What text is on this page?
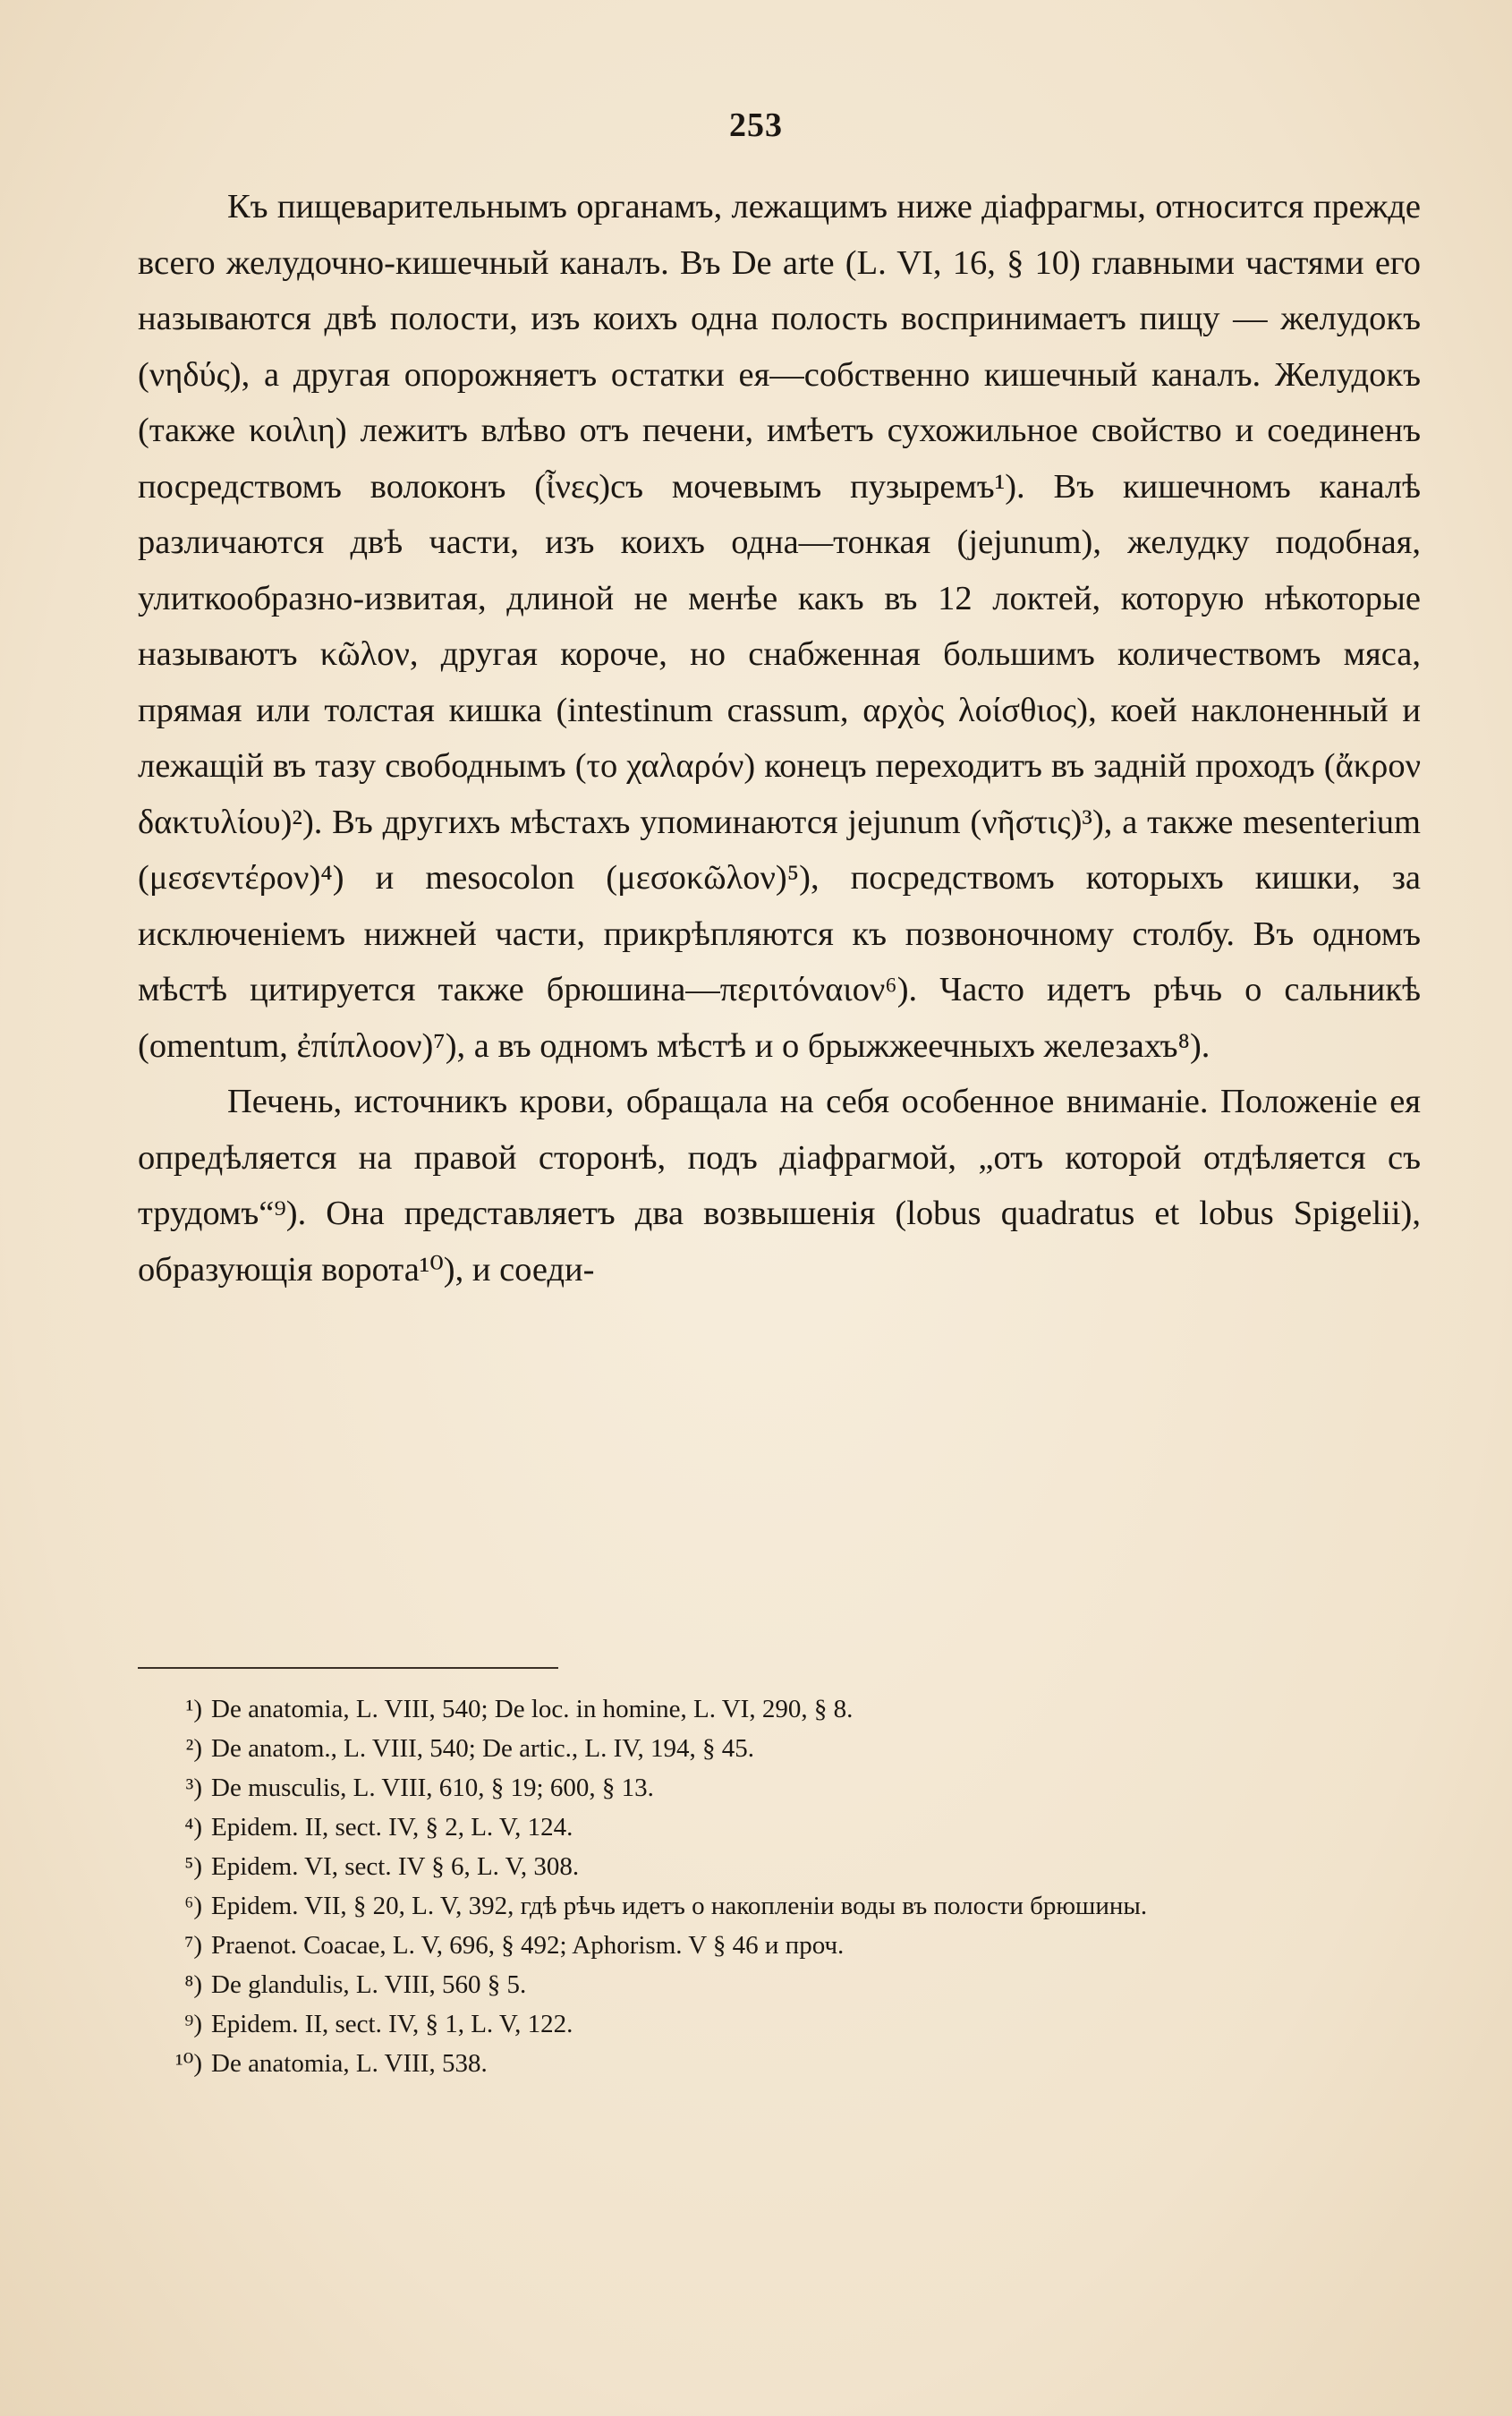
253

Къ пищеварительнымъ органамъ, лежащимъ ниже діафрагмы, относится прежде всего желудочно-кишечный каналъ. Въ De arte (L. VI, 16, § 10) главными частями его называются двѣ полости, изъ коихъ одна полость воспринимаетъ пищу — желудокъ (νηδύς), а другая опорожняетъ остатки ея—собственно кишечный каналъ. Желудокъ (также κοιλιη) лежитъ влѣво отъ печени, имѣетъ сухожильное свойство и соединенъ посредствомъ волоконъ (ἶνες)съ мочевымъ пузыремъ¹). Въ кишечномъ каналѣ различаются двѣ части, изъ коихъ одна—тонкая (jejunum), желудку подобная, улиткообразно-извитая, длиной не менѣе какъ въ 12 локтей, которую нѣкоторые называютъ κῶλον, другая короче, но снабженная большимъ количествомъ мяса, прямая или толстая кишка (intestinum crassum, αρχὸς λοίσθιος), коей наклоненный и лежащій въ тазу свободнымъ (το χαλαρόν) конецъ переходитъ въ задній проходъ (ἄκρον δακτυλίου)²). Въ другихъ мѣстахъ упоминаются jejunum (νῆστις)³), а также mesenterium (μεσεντέρον)⁴) и mesocolon (μεσοκῶλον)⁵), посредствомъ которыхъ кишки, за исключеніемъ нижней части, прикрѣпляются къ позвоночному столбу. Въ одномъ мѣстѣ цитируется также брюшина—περιτόναιον⁶). Часто идетъ рѣчь о сальникѣ (omentum, ἐπίπλοον)⁷), а въ одномъ мѣстѣ и о брыжжеечныхъ железахъ⁸).

Печень, источникъ крови, обращала на себя особенное вниманіе. Положеніе ея опредѣляется на правой сторонѣ, подъ діафрагмой, „отъ которой отдѣляется съ трудомъ“⁹). Она представляетъ два возвышенія (lobus quadratus et lobus Spigelii), образующія ворота¹⁰), и соеди-

¹) De anatomia, L. VIII, 540; De loc. in homine, L. VI, 290, § 8.

²) De anatom., L. VIII, 540; De artic., L. IV, 194, § 45.

³) De musculis, L. VIII, 610, § 19; 600, § 13.

⁴) Epidem. II, sect. IV, § 2, L. V, 124.

⁵) Epidem. VI, sect. IV § 6, L. V, 308.

⁶) Epidem. VII, § 20, L. V, 392, гдѣ рѣчь идетъ о накопленіи воды въ полости брюшины.

⁷) Praenot. Coacae, L. V, 696, § 492; Aphorism. V § 46 и проч.

⁸) De glandulis, L. VIII, 560 § 5.

⁹) Epidem. II, sect. IV, § 1, L. V, 122.

¹⁰) De anatomia, L. VIII, 538.
